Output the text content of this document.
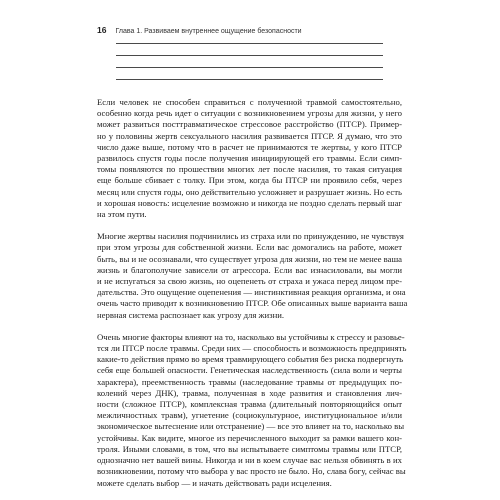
16 Глава 1. Развиваем внутреннее ощущение безопасности
Если человек не способен справиться с полученной травмой самостоятельно,
особенно когда речь идет о ситуации с возникновением угрозы для жизни, у него
может развиться посттравматическое стрессовое расстройство (ПТСР). Пример-
но у половины жертв сексуального насилия развивается ПТСР. Я думаю, что это
число даже выше, потому что в расчет не принимаются те жертвы, у кого ПТСР
развилось спустя годы после получения инициирующей его травмы. Если симп-
томы появляются по прошествии многих лет после насилия, то такая ситуация
еще больше сбивает с толку. При этом, когда бы ПТСР ни проявило себя, через
месяц или спустя годы, оно действительно усложняет и разрушает жизнь. Но есть
и хорошая новость: исцеление возможно и никогда не поздно сделать первый шаг
на этом пути.
Многие жертвы насилия подчинились из страха или по принуждению, не чувствуя
при этом угрозы для собственной жизни. Если вас домогались на работе, может
быть, вы и не осознавали, что существует угроза для жизни, но тем не менее ваша
жизнь и благополучие зависели от агрессора. Если вас изнасиловали, вы могли
и не испугаться за свою жизнь, но оцепенеть от страха и ужаса перед лицом пре-
дательства. Это ощущение оцепенения — инстинктивная реакция организма, и она
очень часто приводит к возникновению ПТСР. Обе описанных выше варианта ваша
нервная система распознает как угрозу для жизни.
Очень многие факторы влияют на то, насколько вы устойчивы к стрессу и разовье-
тся ли ПТСР после травмы. Среди них — способность и возможность предпринять
какие-то действия прямо во время травмирующего события без риска подвергнуть
себя еще большей опасности. Генетическая наследственность (сила воли и черты
характера), преемственность травмы (наследование травмы от предыдущих по-
колений через ДНК), травма, полученная в ходе развития и становления лич-
ности (сложное ПТСР), комплексная травма (длительный повторяющийся опыт
межличностных травм), угнетение (социокультурное, институциональное и/или
экономическое вытеснение или отстранение) — все это влияет на то, насколько вы
устойчивы. Как видите, многое из перечисленного выходит за рамки вашего кон-
троля. Иными словами, в том, что вы испытываете симптомы травмы или ПТСР,
однозначно нет вашей вины. Никогда и ни в коем случае вас нельзя обвинять в их
возникновении, потому что выбора у вас просто не было. Но, слава богу, сейчас вы
можете сделать выбор — и начать действовать ради исцеления.
